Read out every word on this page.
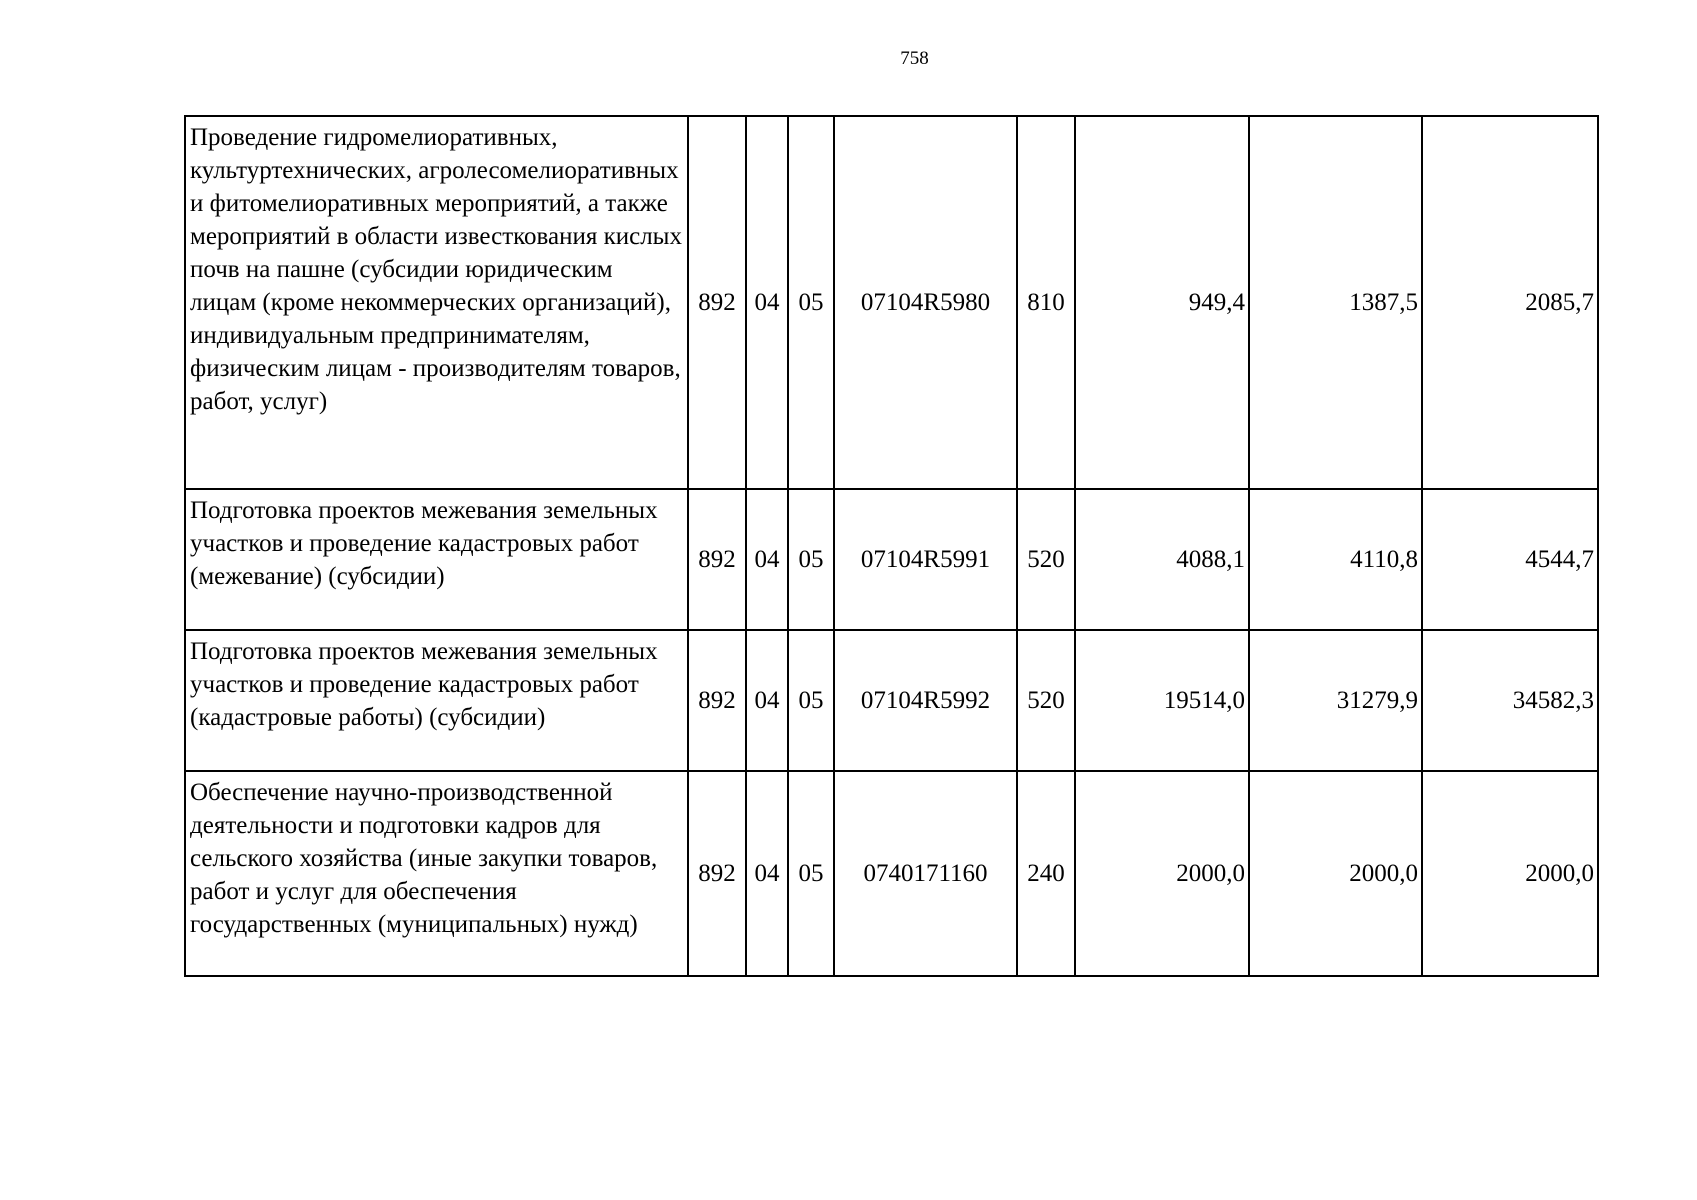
758
Проведение гидромелиоративных, культуртехнических, агролесомелиоративных и фитомелиоративных мероприятий, а также мероприятий в области известкования кислых почв на пашне (субсидии юридическим лицам (кроме некоммерческих организаций), индивидуальным предпринимателям, физическим лицам - производителям товаров, работ, услуг)	892	04	05	07104R5980	810	949,4	1387,5	2085,7
Подготовка проектов межевания земельных участков и проведение кадастровых работ (межевание) (субсидии)	892	04	05	07104R5991	520	4088,1	4110,8	4544,7
Подготовка проектов межевания земельных участков и проведение кадастровых работ (кадастровые работы) (субсидии)	892	04	05	07104R5992	520	19514,0	31279,9	34582,3
Обеспечение научно-производственной деятельности и подготовки кадров для сельского хозяйства (иные закупки товаров, работ и услуг для обеспечения государственных (муниципальных) нужд)	892	04	05	0740171160	240	2000,0	2000,0	2000,0
